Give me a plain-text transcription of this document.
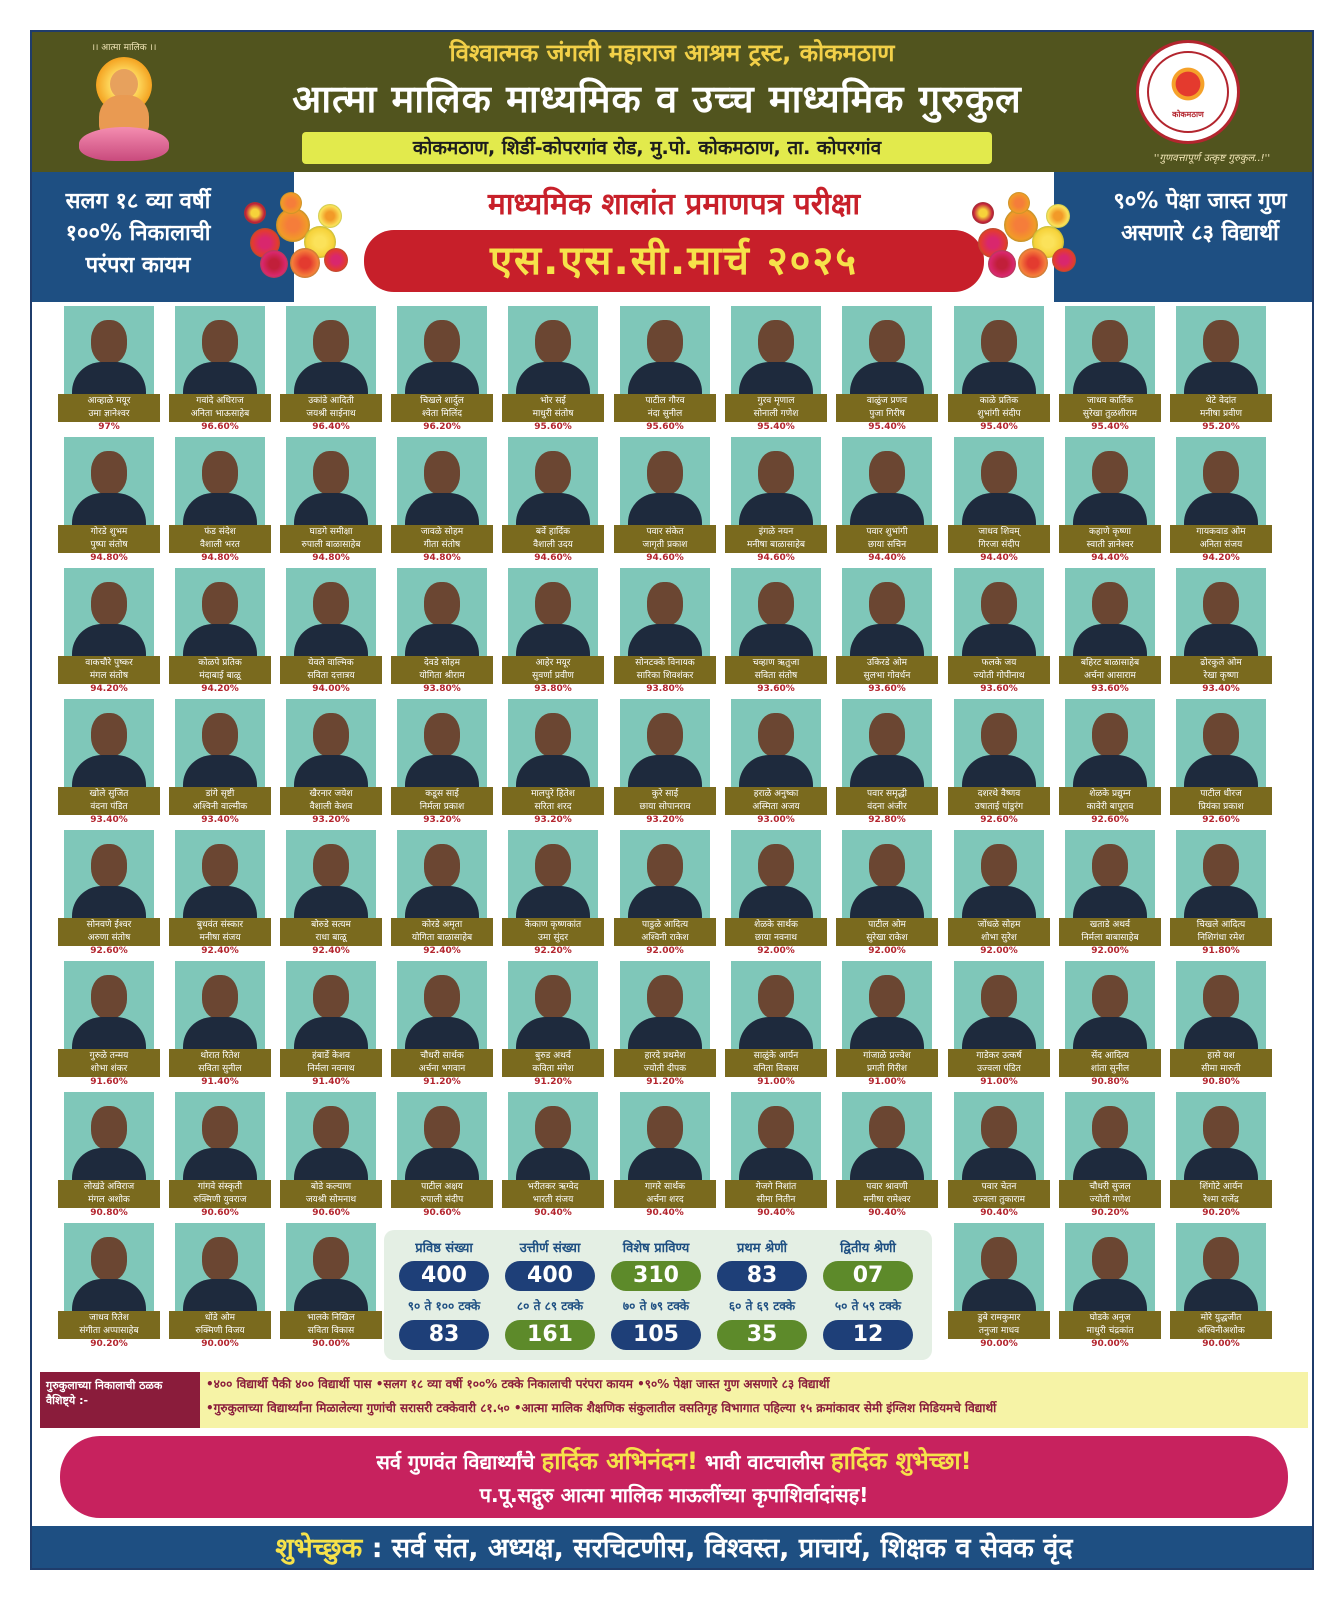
।। आत्मा मालिक ।।	विश्वात्मक जंगली महाराज आश्रम ट्रस्ट, कोकमठाण
आत्मा मालिक माध्यमिक व उच्च माध्यमिक गुरुकुल
कोकमठाण, शिर्डी-कोपरगांव रोड, मु.पो. कोकमठाण, ता. कोपरगांव
कोकमठाण
''गुणवत्तापूर्ण उत्कृष्ट गुरुकुल..!''
सलग १८ व्या वर्षी १००% निकालाची परंपरा कायम
९०% पेक्षा जास्त गुण असणारे ८३ विद्यार्थी
माध्यमिक शालांत प्रमाणपत्र परीक्षा
एस.एस.सी.मार्च २०२५
आव्हाळे मयूर
उमा ज्ञानेश्वर
97%
गवांदे अधिराज
अनिता भाऊसाहेब
96.60%
उकांडे आदिती
जयश्री साईनाथ
96.40%
चिखले शार्दुल
श्वेता मिलिंद
96.20%
भोर सई
माधुरी संतोष
95.60%
पाटील गौरव
नंदा सुनील
95.60%
गुरव मृणाल
सोनाली गणेश
95.40%
वाळुंज प्रणव
पुजा गिरीष
95.40%
काळे प्रतिक
शुभांगी संदीप
95.40%
जाधव कार्तिक
सुरेखा तुळशीराम
95.40%
थेटे वेदांत
मनीषा प्रवीण
95.20%
गोरडे शुभम
पुष्पा संतोष
94.80%
फंड संदेश
वैशाली भरत
94.80%
घाडगे समीक्षा
रुपाली बाळासाहेब
94.80%
जावळे सोहम
गीता संतोष
94.80%
बर्वे हार्दिक
वैशाली उदय
94.60%
पवार संकेत
जागृती प्रकाश
94.60%
इंगळे नयन
मनीषा बाळासाहेब
94.60%
पवार शुभांगी
छाया सचिन
94.40%
जाधव शिवम्
गिरजा संदीप
94.40%
कहाणे कृष्णा
स्वाती ज्ञानेश्वर
94.40%
गायकवाड ओम
अनिता संजय
94.20%
वाकचौरे पुष्कर
मंगल संतोष
94.20%
कोळपे प्रतिक
मंदाबाई बाळू
94.20%
येवले वाल्मिक
सविता दत्तात्रय
94.00%
देवडे सोहम
योगिता श्रीराम
93.80%
आहेर मयूर
सुवर्णा प्रवीण
93.80%
सोनटक्के विनायक
सारिका शिवशंकर
93.80%
चव्हाण ऋतुजा
सविता संतोष
93.60%
उकिरडे ओम
सुलभा गोवर्धन
93.60%
फलके जय
ज्योती गोपीनाथ
93.60%
बहिरट बाळासाहेब
अर्चना आसाराम
93.60%
ढोरकुले ओम
रेखा कृष्णा
93.40%
खोले सुजित
वंदना पंडित
93.40%
डांगे सृष्टी
अश्विनी वाल्मीक
93.40%
खैरनार जयेश
वैशाली केशव
93.20%
कडूस साई
निर्मला प्रकाश
93.20%
मालपुरे हितेश
सरिता शरद
93.20%
कुरे साई
छाया सोपानराव
93.20%
हराळे अनुष्का
अस्मिता अजय
93.00%
पवार समृद्धी
वंदना अंजीर
92.80%
दशरथे वैष्णव
उषाताई पांडुरंग
92.60%
शेळके प्रद्युम्न
कावेरी बापूराव
92.60%
पाटील धीरज
प्रियंका प्रकाश
92.60%
सोनवणे ईश्वर
अरुणा संतोष
92.60%
बुधवंत संस्कार
मनीषा संजय
92.40%
बोरुडे सत्यम
राधा बाळू
92.40%
कोरडे अमृता
योगिता बाळासाहेब
92.40%
केकाण कृष्णकांत
उमा सुंदर
92.20%
पाडुळे आदित्य
अश्विनी राकेश
92.00%
शेळके सार्थक
छाया नवनाथ
92.00%
पाटील ओम
सुरेखा राकेश
92.00%
जोंधळे सोहम
शोभा सुरेश
92.00%
खताडे अथर्व
निर्मला बाबासाहेब
92.00%
चिखले आदित्य
निशिगंधा रमेश
91.80%
गुरुळे तन्मय
शोभा शंकर
91.60%
थोरात रितेश
सविता सुनील
91.40%
हंबार्डे केशव
निर्मला नवनाथ
91.40%
चौधरी सार्थक
अर्चना भगवान
91.20%
बुरुड अथर्व
कविता मंगेश
91.20%
हारदे प्रथमेश
ज्योती दीपक
91.20%
साळुंके आर्यन
वनिता विकास
91.00%
गांजाळे प्रज्वेश
प्रगती गिरीश
91.00%
गाडेकर उत्कर्ष
उज्वला पंडित
91.00%
सेंद आदित्य
शांता सुनील
90.80%
हासे यश
सीमा मारुती
90.80%
लोखंडे अविराज
मंगल अशोक
90.80%
गांगवे संस्कृती
रुक्मिणी युवराज
90.60%
बोडे कल्याण
जयश्री सोमनाथ
90.60%
पाटील अक्षय
रुपाली संदीप
90.60%
भरीतकर ऋग्वेद
भारती संजय
90.40%
गागरे सार्थक
अर्चना शरद
90.40%
गेजगे निशांत
सीमा नितीन
90.40%
पवार श्रावणी
मनीषा रामेश्वर
90.40%
पवार चेतन
उज्वला तुकाराम
90.40%
चौधरी सुजल
ज्योती गणेश
90.20%
शिंगोटे आर्यन
रेश्मा राजेंद्र
90.20%
जाधव रितेश
संगीता अप्पासाहेब
90.20%
धोंडे ओम
रुक्मिणी विजय
90.00%
भालके निखिल
सविता विकास
90.00%
डुबे रामकुमार
तनुजा माधव
90.00%
घोडके अनुज
माधुरी चंद्रकांत
90.00%
मोरे युद्धजीत
अश्विनीअशोक
90.00%
प्रविष्ठ संख्या
400
९० ते १०० टक्के
83
उत्तीर्ण संख्या
400
८० ते ८९ टक्के
161
विशेष प्राविण्य
310
७० ते ७९ टक्के
105
प्रथम श्रेणी
83
६० ते ६९ टक्के
35
द्वितीय श्रेणी
07
५० ते ५९ टक्के
12
गुरुकुलाच्या निकालाची ठळक वैशिष्ट्ये :-
•४०० विद्यार्थी पैकी ४०० विद्यार्थी पास •सलग १८ व्या वर्षी १००% टक्के निकालाची परंपरा कायम •९०% पेक्षा जास्त गुण असणारे ८३ विद्यार्थी
•गुरुकुलाच्या विद्यार्थ्यांना मिळालेल्या गुणांची सरासरी टक्केवारी ८१.५० •आत्मा मालिक शैक्षणिक संकुलातील वसतिगृह विभागात पहिल्या १५ क्रमांकावर सेमी इंग्लिश मिडियमचे विद्यार्थी
सर्व गुणवंत विद्यार्थ्यांचे हार्दिक अभिनंदन! भावी वाटचालीस हार्दिक शुभेच्छा!
प.पू.सद्गुरु आत्मा मालिक माऊलींच्या कृपाशिर्वादांसह!
शुभेच्छुक : सर्व संत, अध्यक्ष, सरचिटणीस, विश्वस्त, प्राचार्य, शिक्षक व सेवक वृंद
